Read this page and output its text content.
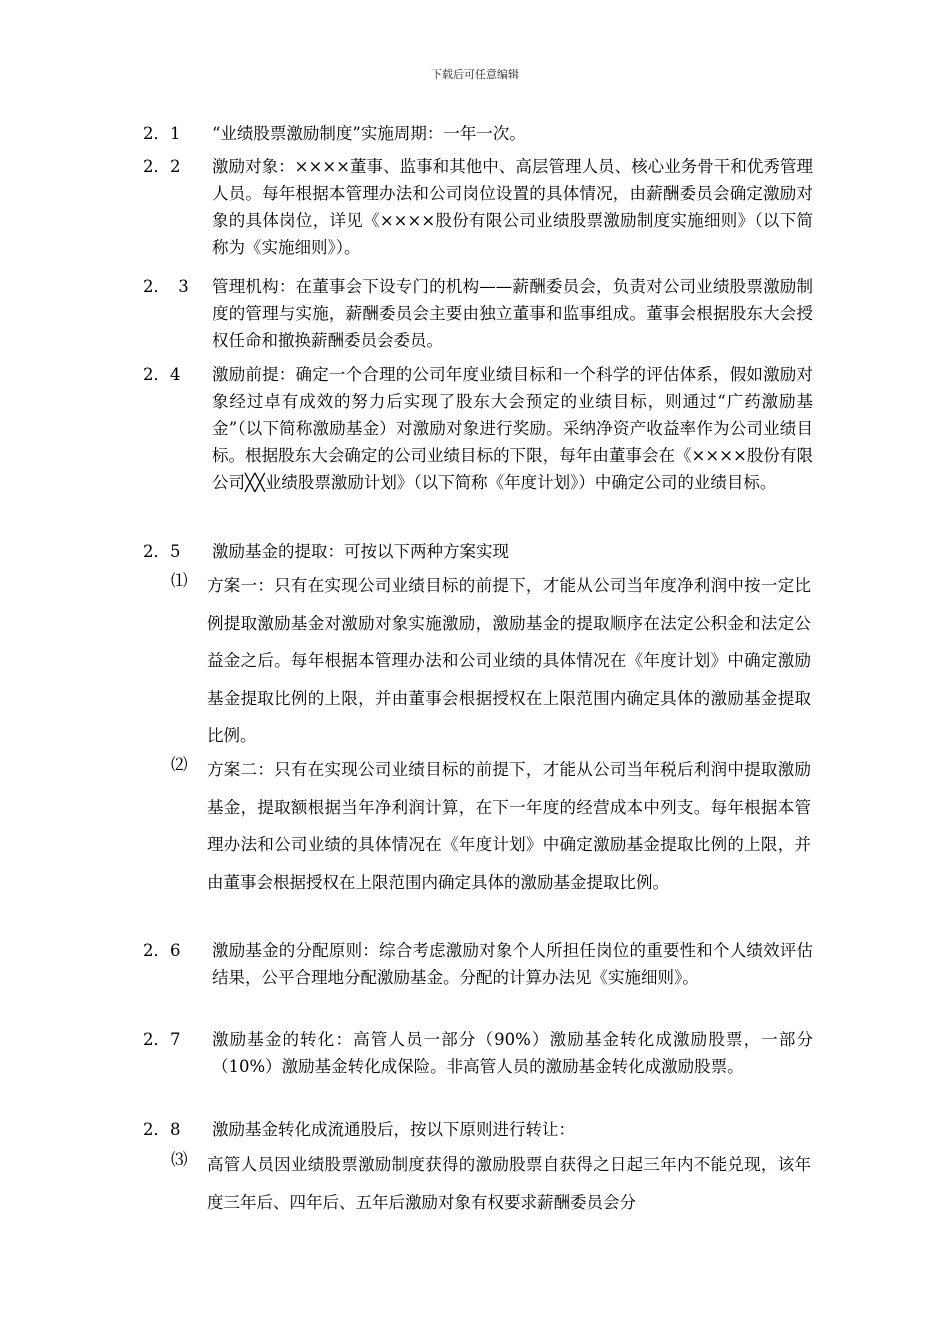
下载后可任意编辑
2．1	“业绩股票激励制度”实施周期：一年一次。
2．2	激励对象：××××董事、监事和其他中、高层管理人员、核心业务骨干和优秀管理人员。每年根据本管理办法和公司岗位设置的具体情况，由薪酬委员会确定激励对象的具体岗位，详见《××××股份有限公司业绩股票激励制度实施细则》（以下简称为《实施细则》）。
2．　3	管理机构：在董事会下设专门的机构——薪酬委员会，负责对公司业绩股票激励制度的管理与实施，薪酬委员会主要由独立董事和监事组成。董事会根据股东大会授权任命和撤换薪酬委员会委员。
2．4	激励前提：确定一个合理的公司年度业绩目标和一个科学的评估体系，假如激励对象经过卓有成效的努力后实现了股东大会预定的业绩目标，则通过“广药激励基金”（以下简称激励基金）对激励对象进行奖励。采纳净资产收益率作为公司业绩目标。根据股东大会确定的公司业绩目标的下限，每年由董事会在《××××股份有限公司╳╳业绩股票激励计划》（以下简称《年度计划》）中确定公司的业绩目标。
2．5	激励基金的提取：可按以下两种方案实现
⑴ 方案一：只有在实现公司业绩目标的前提下，才能从公司当年度净利润中按一定比例提取激励基金对激励对象实施激励，激励基金的提取顺序在法定公积金和法定公益金之后。每年根据本管理办法和公司业绩的具体情况在《年度计划》中确定激励基金提取比例的上限，并由董事会根据授权在上限范围内确定具体的激励基金提取比例。
⑵ 方案二：只有在实现公司业绩目标的前提下，才能从公司当年税后利润中提取激励基金，提取额根据当年净利润计算，在下一年度的经营成本中列支。每年根据本管理办法和公司业绩的具体情况在《年度计划》中确定激励基金提取比例的上限，并由董事会根据授权在上限范围内确定具体的激励基金提取比例。
2．6	激励基金的分配原则：综合考虑激励对象个人所担任岗位的重要性和个人绩效评估结果，公平合理地分配激励基金。分配的计算办法见《实施细则》。
2．7	激励基金的转化：高管人员一部分（90%）激励基金转化成激励股票，一部分（10%）激励基金转化成保险。非高管人员的激励基金转化成激励股票。
2．8	激励基金转化成流通股后，按以下原则进行转让：
⑶ 高管人员因业绩股票激励制度获得的激励股票自获得之日起三年内不能兑现，该年度三年后、四年后、五年后激励对象有权要求薪酬委员会分
